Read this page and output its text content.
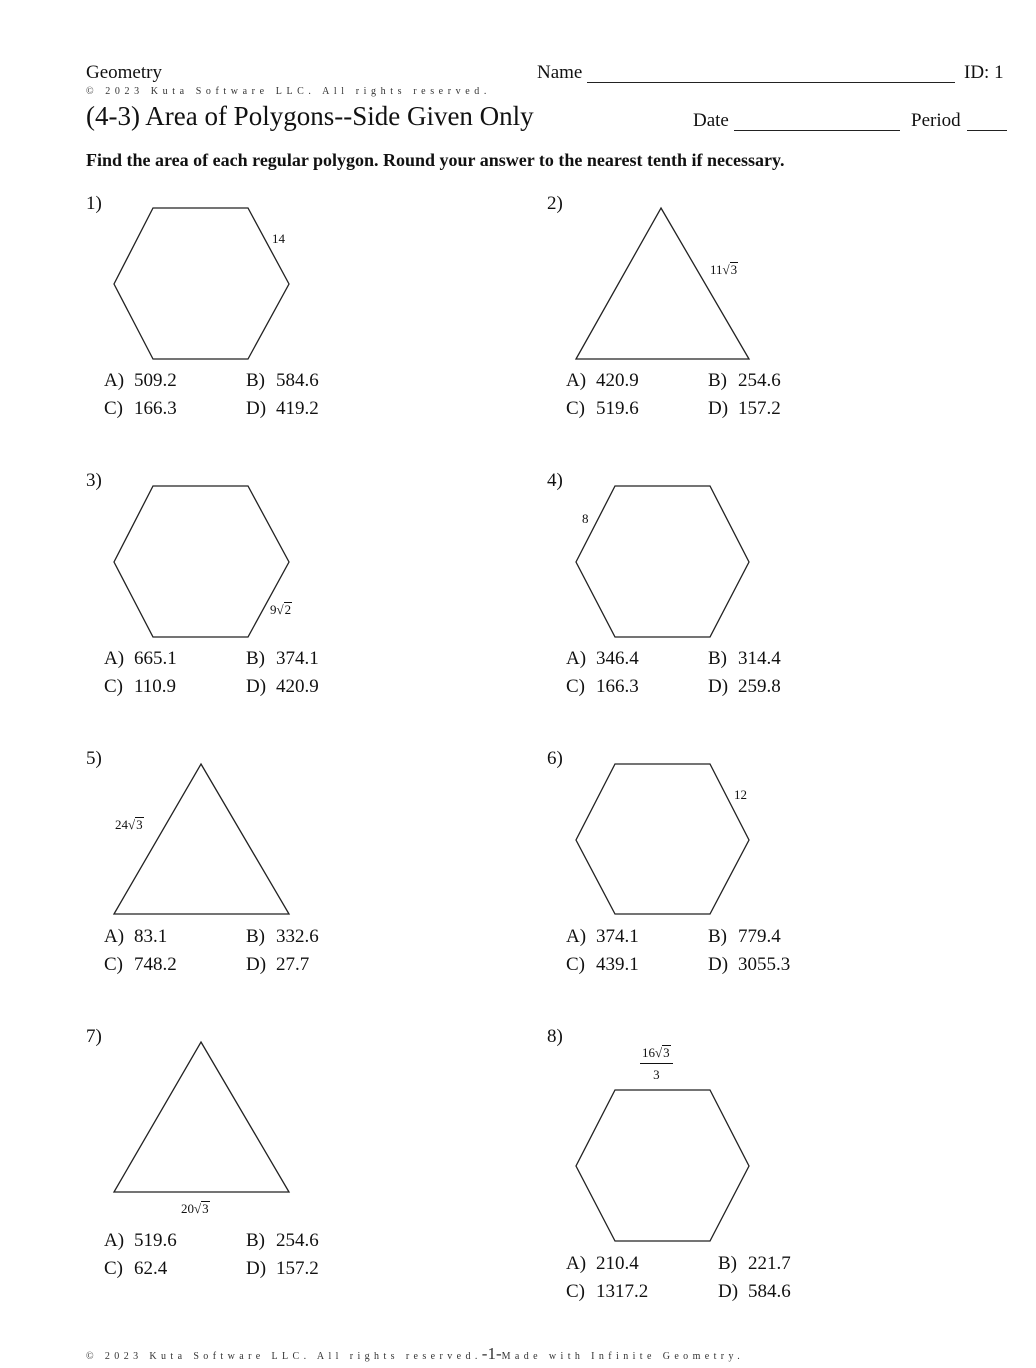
Geometry
© 2023 Kuta Software LLC. All rights reserved.
Name	ID: 1
(4-3) Area of Polygons--Side Given Only	Date	Period
Find the area of each regular polygon. Round your answer to the nearest tenth if necessary.
1)
14
A) 509.2	B) 584.6
C) 166.3	D) 419.2
2)
11√3
A) 420.9	B) 254.6
C) 519.6	D) 157.2
3)
9√2
A) 665.1	B) 374.1
C) 110.9	D) 420.9
4)
8
A) 346.4	B) 314.4
C) 166.3	D) 259.8
5)
24√3
A) 83.1	B) 332.6
C) 748.2	D) 27.7
6)
12
A) 374.1	B) 779.4
C) 439.1	D) 3055.3
7)
20√3
A) 519.6	B) 254.6
C) 62.4	D) 157.2
8)
$\frac{16√3}{3}$
A) 210.4	B) 221.7
C) 1317.2	D) 584.6
© 2023 Kuta Software LLC. All rights reserved.-1-Made with Infinite Geometry.
